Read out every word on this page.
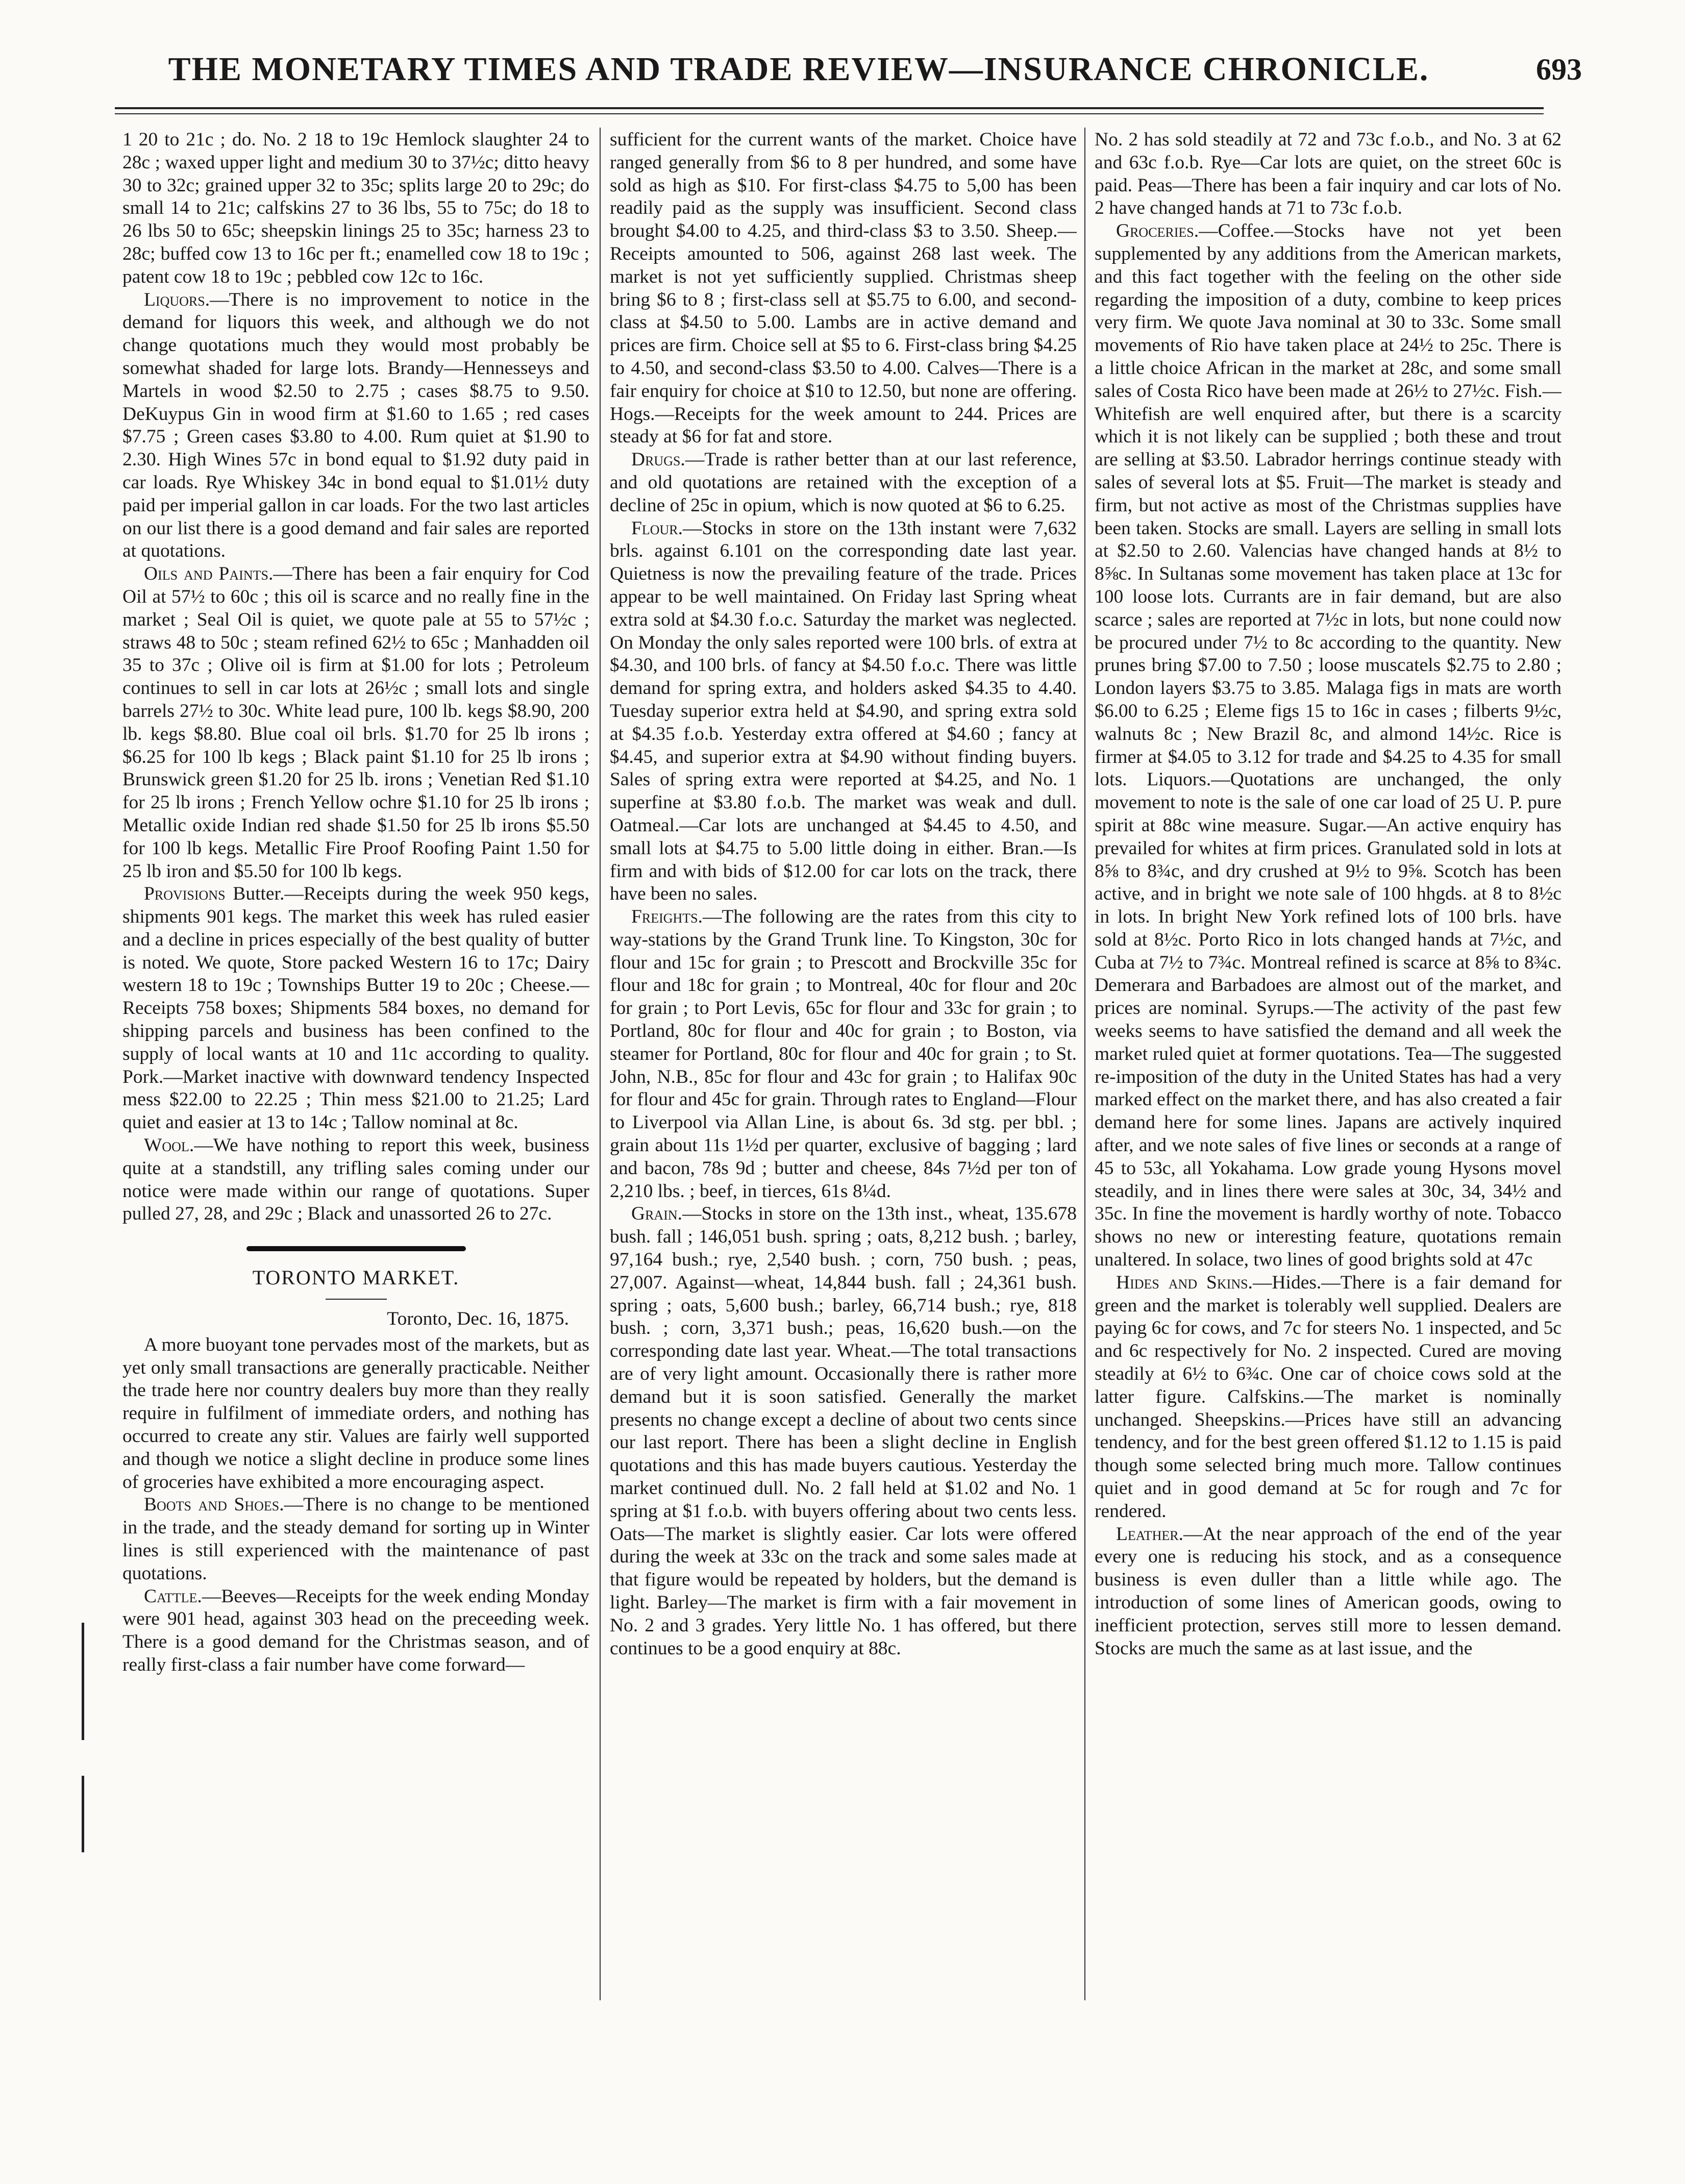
THE MONETARY TIMES AND TRADE REVIEW—INSURANCE CHRONICLE.	693

1 20 to 21c ; do. No. 2 18 to 19c Hemlock slaughter 24 to 28c ; waxed upper light and medium 30 to 37½c; ditto heavy 30 to 32c; grained upper 32 to 35c; splits large 20 to 29c; do small 14 to 21c; calfskins 27 to 36 lbs, 55 to 75c; do 18 to 26 lbs 50 to 65c; sheepskin linings 25 to 35c; harness 23 to 28c; buffed cow 13 to 16c per ft.; enamelled cow 18 to 19c ; patent cow 18 to 19c ; pebbled cow 12c to 16c.

Liquors.—There is no improvement to notice in the demand for liquors this week, and although we do not change quotations much they would most probably be somewhat shaded for large lots. Brandy—Hennesseys and Martels in wood $2.50 to 2.75 ; cases $8.75 to 9.50. DeKuypus Gin in wood firm at $1.60 to 1.65 ; red cases $7.75 ; Green cases $3.80 to 4.00. Rum quiet at $1.90 to 2.30. High Wines 57c in bond equal to $1.92 duty paid in car loads. Rye Whiskey 34c in bond equal to $1.01½ duty paid per imperial gallon in car loads. For the two last articles on our list there is a good demand and fair sales are reported at quotations.

Oils and Paints.—There has been a fair enquiry for Cod Oil at 57½ to 60c ; this oil is scarce and no really fine in the market ; Seal Oil is quiet, we quote pale at 55 to 57½c ; straws 48 to 50c ; steam refined 62½ to 65c ; Manhadden oil 35 to 37c ; Olive oil is firm at $1.00 for lots ; Petroleum continues to sell in car lots at 26½c ; small lots and single barrels 27½ to 30c. White lead pure, 100 lb. kegs $8.90, 200 lb. kegs $8.80. Blue coal oil brls. $1.70 for 25 lb irons ; $6.25 for 100 lb kegs ; Black paint $1.10 for 25 lb irons ; Brunswick green $1.20 for 25 lb. irons ; Venetian Red $1.10 for 25 lb irons ; French Yellow ochre $1.10 for 25 lb irons ; Metallic oxide Indian red shade $1.50 for 25 lb irons $5.50 for 100 lb kegs. Metallic Fire Proof Roofing Paint 1.50 for 25 lb iron and $5.50 for 100 lb kegs.

Provisions Butter.—Receipts during the week 950 kegs, shipments 901 kegs. The market this week has ruled easier and a decline in prices especially of the best quality of butter is noted. We quote, Store packed Western 16 to 17c; Dairy western 18 to 19c ; Townships Butter 19 to 20c ; Cheese.—Receipts 758 boxes; Shipments 584 boxes, no demand for shipping parcels and business has been confined to the supply of local wants at 10 and 11c according to quality. Pork.—Market inactive with downward tendency Inspected mess $22.00 to 22.25 ; Thin mess $21.00 to 21.25; Lard quiet and easier at 13 to 14c ; Tallow nominal at 8c.

Wool.—We have nothing to report this week, business quite at a standstill, any trifling sales coming under our notice were made within our range of quotations. Super pulled 27, 28, and 29c ; Black and unassorted 26 to 27c.

TORONTO MARKET.
Toronto, Dec. 16, 1875.

A more buoyant tone pervades most of the markets, but as yet only small transactions are generally practicable. Neither the trade here nor country dealers buy more than they really require in fulfilment of immediate orders, and nothing has occurred to create any stir. Values are fairly well supported and though we notice a slight decline in produce some lines of groceries have exhibited a more encouraging aspect.

Boots and Shoes.—There is no change to be mentioned in the trade, and the steady demand for sorting up in Winter lines is still experienced with the maintenance of past quotations.

Cattle.—Beeves—Receipts for the week ending Monday were 901 head, against 303 head on the preceeding week. There is a good demand for the Christmas season, and of really first-class a fair number have come forward—

sufficient for the current wants of the market. Choice have ranged generally from $6 to 8 per hundred, and some have sold as high as $10. For first-class $4.75 to 5,00 has been readily paid as the supply was insufficient. Second class brought $4.00 to 4.25, and third-class $3 to 3.50. Sheep.—Receipts amounted to 506, against 268 last week. The market is not yet sufficiently supplied. Christmas sheep bring $6 to 8 ; first-class sell at $5.75 to 6.00, and second-class at $4.50 to 5.00. Lambs are in active demand and prices are firm. Choice sell at $5 to 6. First-class bring $4.25 to 4.50, and second-class $3.50 to 4.00. Calves—There is a fair enquiry for choice at $10 to 12.50, but none are offering. Hogs.—Receipts for the week amount to 244. Prices are steady at $6 for fat and store.

Drugs.—Trade is rather better than at our last reference, and old quotations are retained with the exception of a decline of 25c in opium, which is now quoted at $6 to 6.25.

Flour.—Stocks in store on the 13th instant were 7,632 brls. against 6.101 on the corresponding date last year. Quietness is now the prevailing feature of the trade. Prices appear to be well maintained. On Friday last Spring wheat extra sold at $4.30 f.o.c. Saturday the market was neglected. On Monday the only sales reported were 100 brls. of extra at $4.30, and 100 brls. of fancy at $4.50 f.o.c. There was little demand for spring extra, and holders asked $4.35 to 4.40. Tuesday superior extra held at $4.90, and spring extra sold at $4.35 f.o.b. Yesterday extra offered at $4.60 ; fancy at $4.45, and superior extra at $4.90 without finding buyers. Sales of spring extra were reported at $4.25, and No. 1 superfine at $3.80 f.o.b. The market was weak and dull. Oatmeal.—Car lots are unchanged at $4.45 to 4.50, and small lots at $4.75 to 5.00 little doing in either. Bran.—Is firm and with bids of $12.00 for car lots on the track, there have been no sales.

Freights.—The following are the rates from this city to way-stations by the Grand Trunk line. To Kingston, 30c for flour and 15c for grain ; to Prescott and Brockville 35c for flour and 18c for grain ; to Montreal, 40c for flour and 20c for grain ; to Port Levis, 65c for flour and 33c for grain ; to Portland, 80c for flour and 40c for grain ; to Boston, via steamer for Portland, 80c for flour and 40c for grain ; to St. John, N.B., 85c for flour and 43c for grain ; to Halifax 90c for flour and 45c for grain. Through rates to England—Flour to Liverpool via Allan Line, is about 6s. 3d stg. per bbl. ; grain about 11s 1½d per quarter, exclusive of bagging ; lard and bacon, 78s 9d ; butter and cheese, 84s 7½d per ton of 2,210 lbs. ; beef, in tierces, 61s 8¼d.

Grain.—Stocks in store on the 13th inst., wheat, 135.678 bush. fall ; 146,051 bush. spring ; oats, 8,212 bush. ; barley, 97,164 bush.; rye, 2,540 bush. ; corn, 750 bush. ; peas, 27,007. Against—wheat, 14,844 bush. fall ; 24,361 bush. spring ; oats, 5,600 bush.; barley, 66,714 bush.; rye, 818 bush. ; corn, 3,371 bush.; peas, 16,620 bush.—on the corresponding date last year. Wheat.—The total transactions are of very light amount. Occasionally there is rather more demand but it is soon satisfied. Generally the market presents no change except a decline of about two cents since our last report. There has been a slight decline in English quotations and this has made buyers cautious. Yesterday the market continued dull. No. 2 fall held at $1.02 and No. 1 spring at $1 f.o.b. with buyers offering about two cents less. Oats—The market is slightly easier. Car lots were offered during the week at 33c on the track and some sales made at that figure would be repeated by holders, but the demand is light. Barley—The market is firm with a fair movement in No. 2 and 3 grades. Yery little No. 1 has offered, but there continues to be a good enquiry at 88c.

No. 2 has sold steadily at 72 and 73c f.o.b., and No. 3 at 62 and 63c f.o.b. Rye—Car lots are quiet, on the street 60c is paid. Peas—There has been a fair inquiry and car lots of No. 2 have changed hands at 71 to 73c f.o.b.

Groceries.—Coffee.—Stocks have not yet been supplemented by any additions from the American markets, and this fact together with the feeling on the other side regarding the imposition of a duty, combine to keep prices very firm. We quote Java nominal at 30 to 33c. Some small movements of Rio have taken place at 24½ to 25c. There is a little choice African in the market at 28c, and some small sales of Costa Rico have been made at 26½ to 27½c. Fish.—Whitefish are well enquired after, but there is a scarcity which it is not likely can be supplied ; both these and trout are selling at $3.50. Labrador herrings continue steady with sales of several lots at $5. Fruit—The market is steady and firm, but not active as most of the Christmas supplies have been taken. Stocks are small. Layers are selling in small lots at $2.50 to 2.60. Valencias have changed hands at 8½ to 8⅝c. In Sultanas some movement has taken place at 13c for 100 loose lots. Currants are in fair demand, but are also scarce ; sales are reported at 7½c in lots, but none could now be procured under 7½ to 8c according to the quantity. New prunes bring $7.00 to 7.50 ; loose muscatels $2.75 to 2.80 ; London layers $3.75 to 3.85. Malaga figs in mats are worth $6.00 to 6.25 ; Eleme figs 15 to 16c in cases ; filberts 9½c, walnuts 8c ; New Brazil 8c, and almond 14½c. Rice is firmer at $4.05 to 3.12 for trade and $4.25 to 4.35 for small lots. Liquors.—Quotations are unchanged, the only movement to note is the sale of one car load of 25 U. P. pure spirit at 88c wine measure. Sugar.—An active enquiry has prevailed for whites at firm prices. Granulated sold in lots at 8⅝ to 8¾c, and dry crushed at 9½ to 9⅝. Scotch has been active, and in bright we note sale of 100 hhgds. at 8 to 8½c in lots. In bright New York refined lots of 100 brls. have sold at 8½c. Porto Rico in lots changed hands at 7½c, and Cuba at 7½ to 7¾c. Montreal refined is scarce at 8⅝ to 8¾c. Demerara and Barbadoes are almost out of the market, and prices are nominal. Syrups.—The activity of the past few weeks seems to have satisfied the demand and all week the market ruled quiet at former quotations. Tea—The suggested re-imposition of the duty in the United States has had a very marked effect on the market there, and has also created a fair demand here for some lines. Japans are actively inquired after, and we note sales of five lines or seconds at a range of 45 to 53c, all Yokahama. Low grade young Hysons movel steadily, and in lines there were sales at 30c, 34, 34½ and 35c. In fine the movement is hardly worthy of note. Tobacco shows no new or interesting feature, quotations remain unaltered. In solace, two lines of good brights sold at 47c

Hides and Skins.—Hides.—There is a fair demand for green and the market is tolerably well supplied. Dealers are paying 6c for cows, and 7c for steers No. 1 inspected, and 5c and 6c respectively for No. 2 inspected. Cured are moving steadily at 6½ to 6¾c. One car of choice cows sold at the latter figure. Calfskins.—The market is nominally unchanged. Sheepskins.—Prices have still an advancing tendency, and for the best green offered $1.12 to 1.15 is paid though some selected bring much more. Tallow continues quiet and in good demand at 5c for rough and 7c for rendered.

Leather.—At the near approach of the end of the year every one is reducing his stock, and as a consequence business is even duller than a little while ago. The introduction of some lines of American goods, owing to inefficient protection, serves still more to lessen demand. Stocks are much the same as at last issue, and the
